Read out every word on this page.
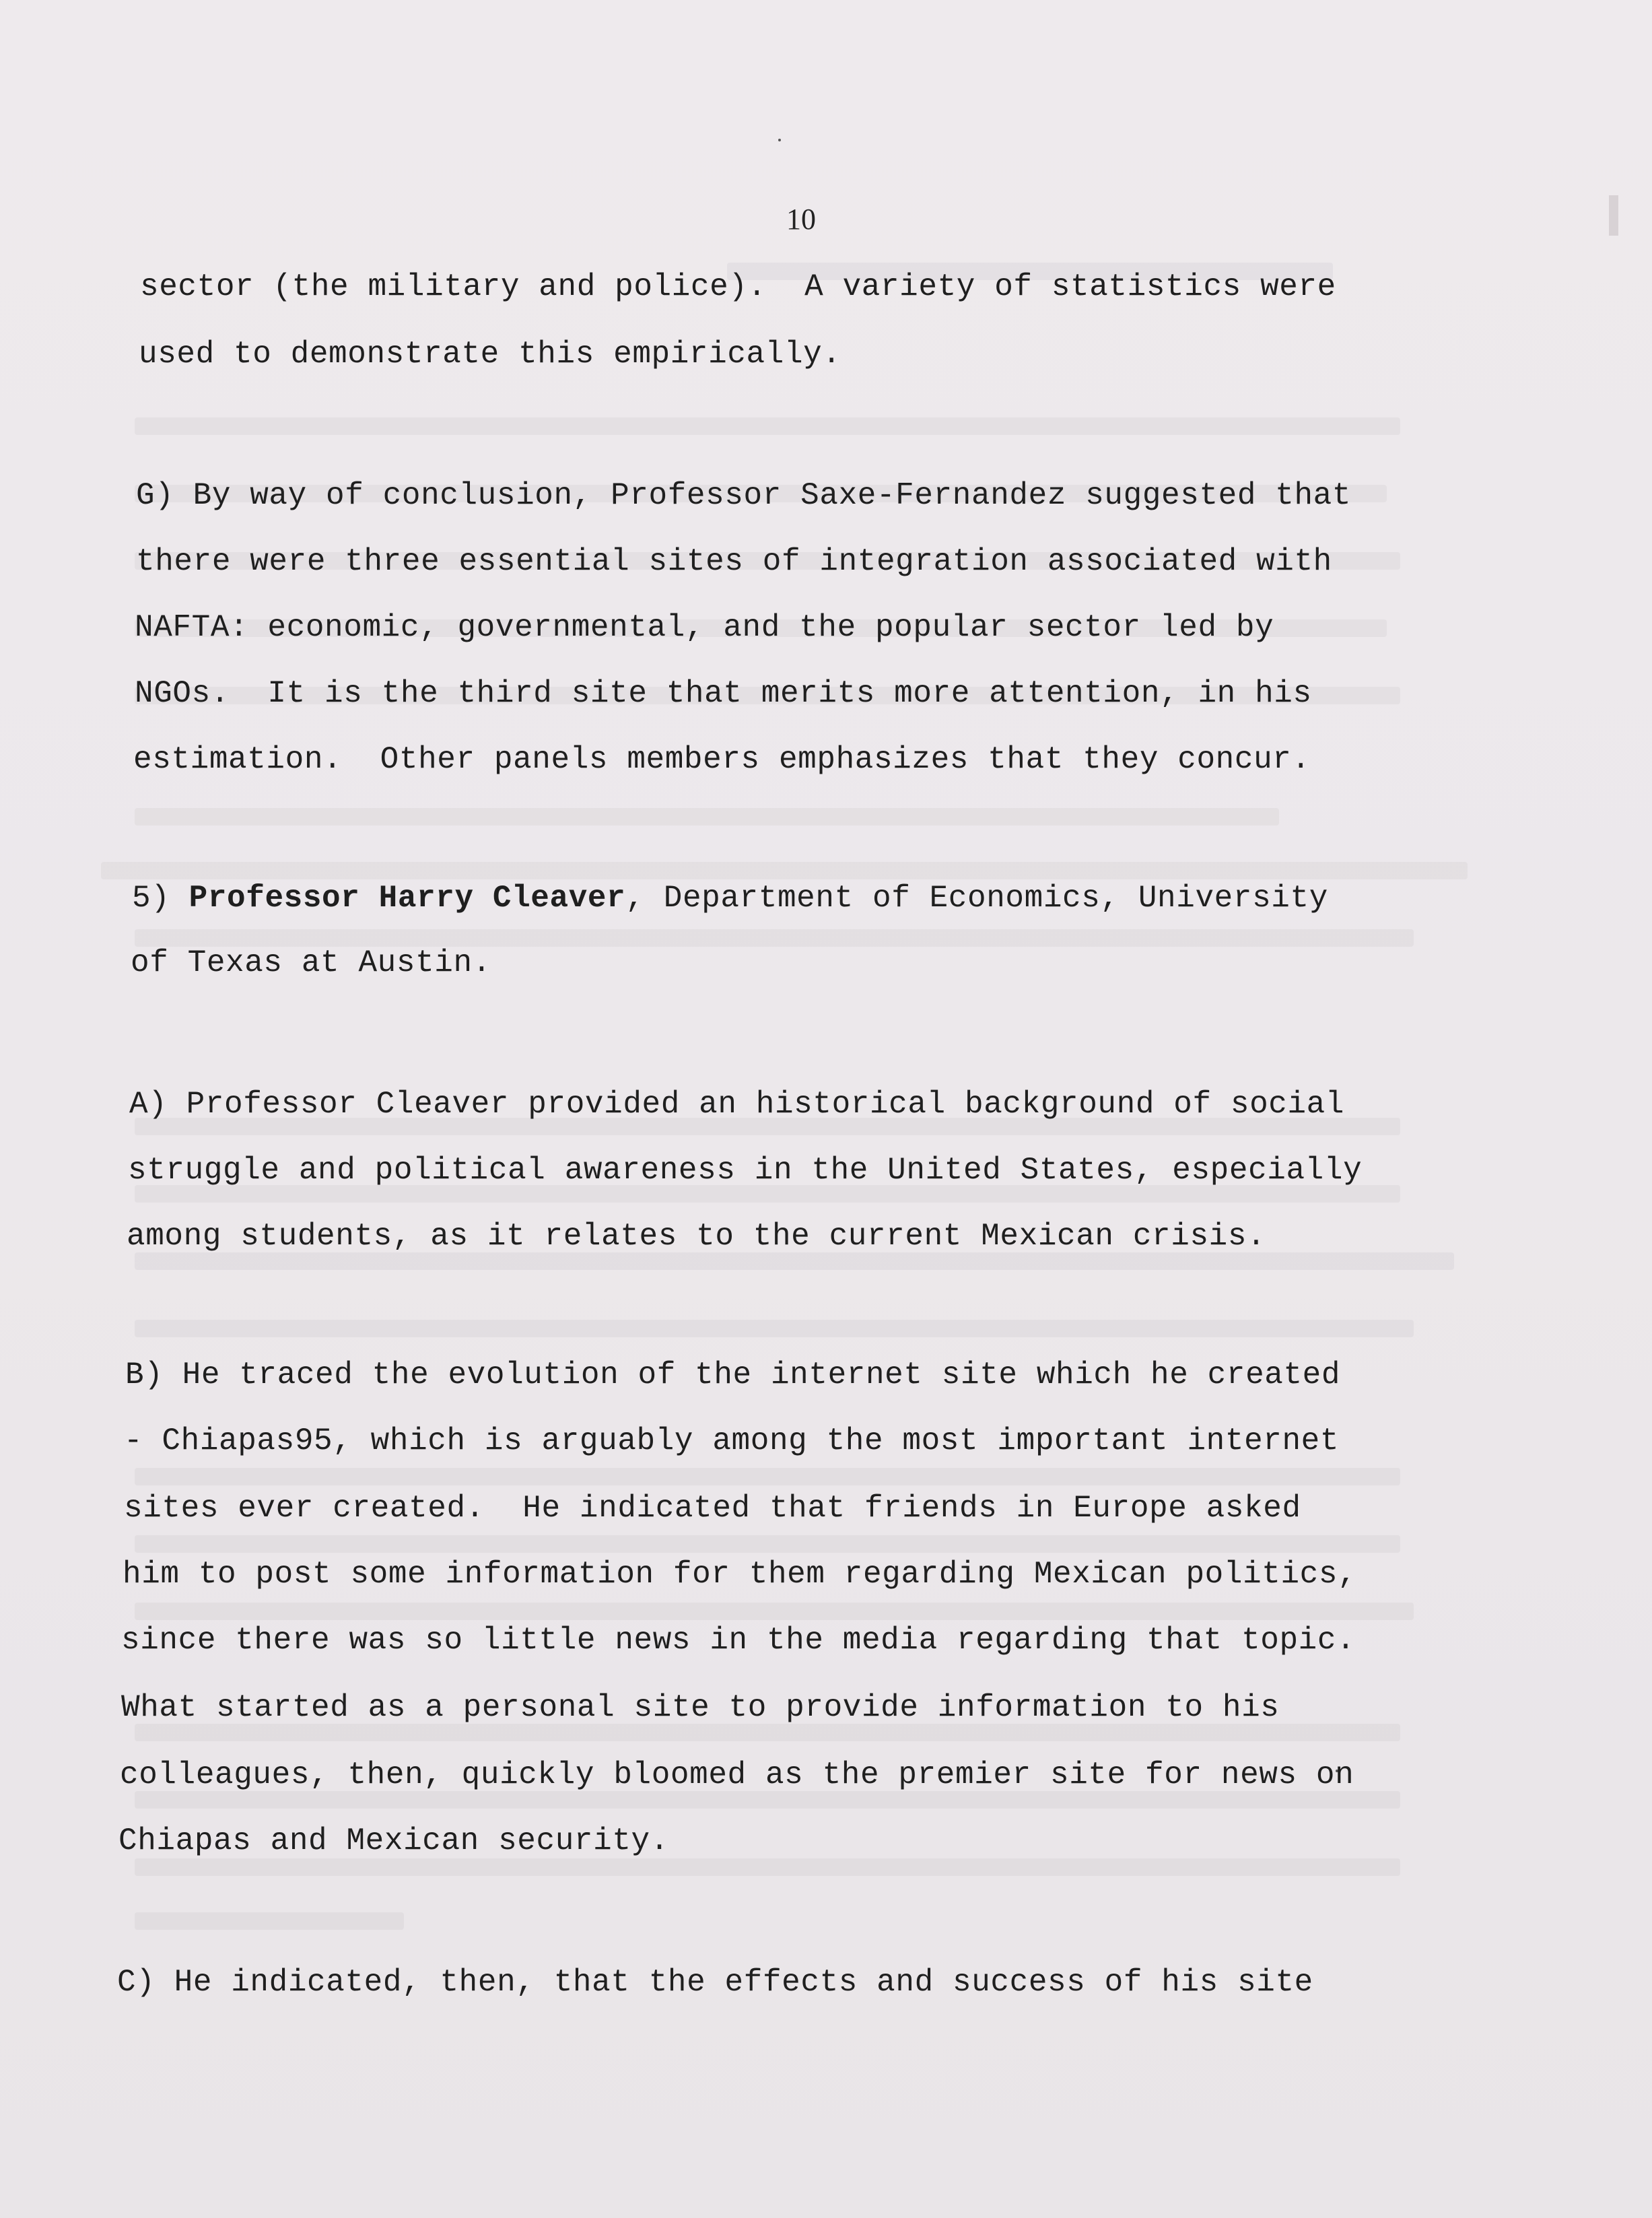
10
sector (the military and police).  A variety of statistics were
used to demonstrate this empirically.
G) By way of conclusion, Professor Saxe-Fernandez suggested that
there were three essential sites of integration associated with
NAFTA: economic, governmental, and the popular sector led by
NGOs.  It is the third site that merits more attention, in his
estimation.  Other panels members emphasizes that they concur.
5) Professor Harry Cleaver, Department of Economics, University
of Texas at Austin.
A) Professor Cleaver provided an historical background of social
struggle and political awareness in the United States, especially
among students, as it relates to the current Mexican crisis.
B) He traced the evolution of the internet site which he created
- Chiapas95, which is arguably among the most important internet
sites ever created.  He indicated that friends in Europe asked
him to post some information for them regarding Mexican politics,
since there was so little news in the media regarding that topic.
What started as a personal site to provide information to his
colleagues, then, quickly bloomed as the premier site for news on
Chiapas and Mexican security.
C) He indicated, then, that the effects and success of his site
